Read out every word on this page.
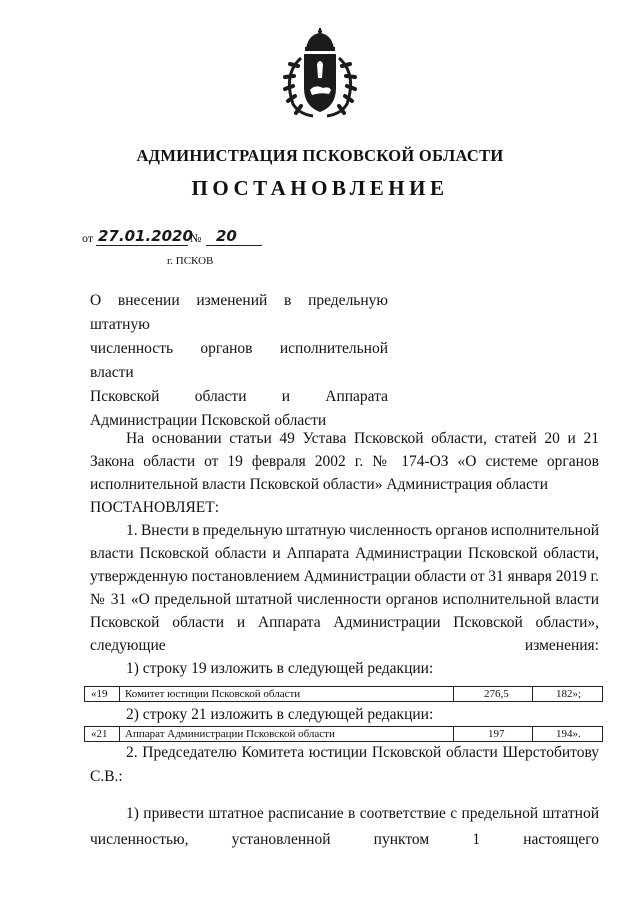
АДМИНИСТРАЦИЯ ПСКОВСКОЙ ОБЛАСТИ
ПОСТАНОВЛЕНИЕ
от 27.01.2020
№ 20
г. ПСКОВ
О внесении изменений в предельную штатную
численность органов исполнительной власти
Псковской области и Аппарата
Администрации Псковской области

На основании статьи 49 Устава Псковской области, статей 20 и 21 Закона области от 19 февраля 2002 г. № 174-ОЗ «О системе органов исполнительной власти Псковской области» Администрация области

ПОСТАНОВЛЯЕТ:

1. Внести в предельную штатную численность органов исполнительной власти Псковской области и Аппарата Администрации Псковской области, утвержденную постановлением Администрации области от 31 января 2019 г. № 31 «О предельной штатной численности органов исполнительной власти Псковской области и Аппарата Администрации Псковской области», следующие изменения:

1) строку 19 изложить в следующей редакции:

«19 Комитет юстиции Псковской области	276,5	182»;

2) строку 21 изложить в следующей редакции:

«21 Аппарат Администрации Псковской области	197	194».

2. Председателю Комитета юстиции Псковской области Шерстобитову С.В.:

1) привести штатное расписание в соответствие с предельной штатной численностью, установленной пунктом 1 настоящего
